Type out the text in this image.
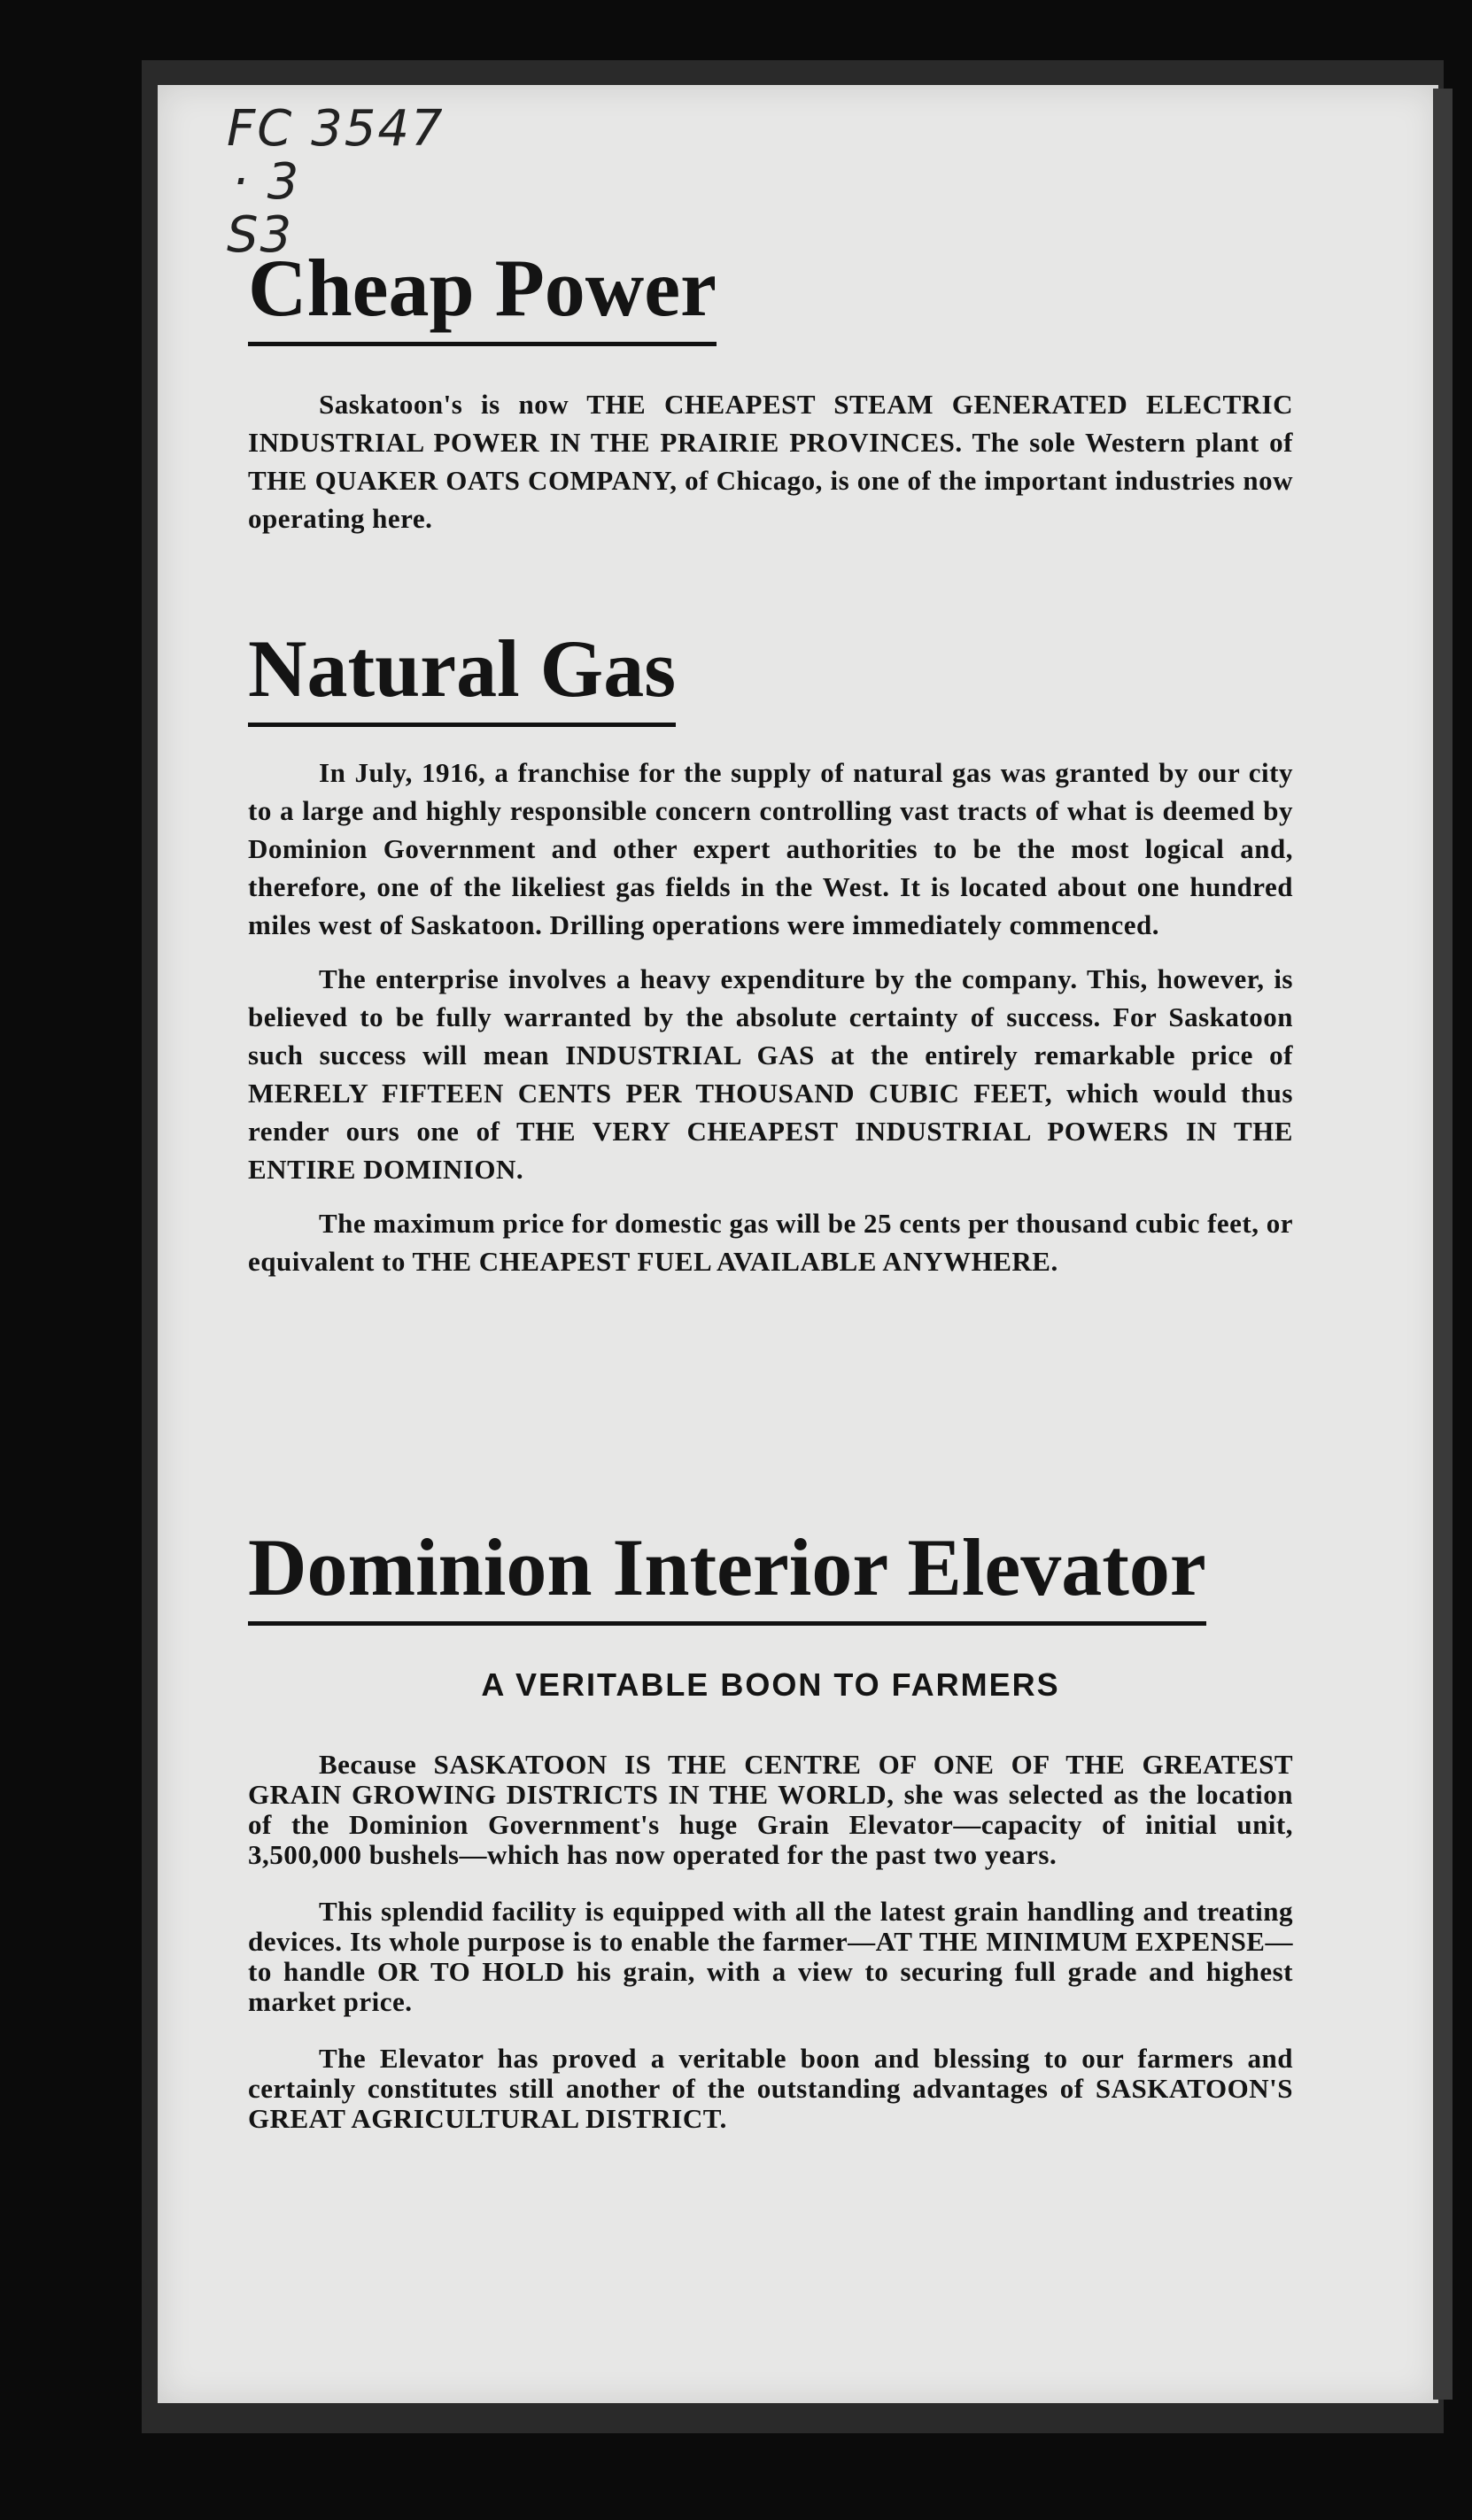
FC 3547
· 3
S3
Cheap Power

Saskatoon's is now THE CHEAPEST STEAM GENERATED ELECTRIC INDUSTRIAL POWER IN THE PRAIRIE PROVINCES. The sole Western plant of THE QUAKER OATS COMPANY, of Chicago, is one of the important industries now operating here.

Natural Gas

In July, 1916, a franchise for the supply of natural gas was granted by our city to a large and highly responsible concern controlling vast tracts of what is deemed by Dominion Government and other expert authorities to be the most logical and, therefore, one of the likeliest gas fields in the West. It is located about one hundred miles west of Saskatoon. Drilling operations were immediately commenced.

The enterprise involves a heavy expenditure by the company. This, however, is believed to be fully warranted by the absolute certainty of success. For Saskatoon such success will mean INDUSTRIAL GAS at the entirely remarkable price of MERELY FIFTEEN CENTS PER THOUSAND CUBIC FEET, which would thus render ours one of THE VERY CHEAPEST INDUSTRIAL POWERS IN THE ENTIRE DOMINION.

The maximum price for domestic gas will be 25 cents per thousand cubic feet, or equivalent to THE CHEAPEST FUEL AVAILABLE ANYWHERE.

Dominion Interior Elevator
A VERITABLE BOON TO FARMERS

Because SASKATOON IS THE CENTRE OF ONE OF THE GREATEST GRAIN GROWING DISTRICTS IN THE WORLD, she was selected as the location of the Dominion Government's huge Grain Elevator—capacity of initial unit, 3,500,000 bushels—which has now operated for the past two years.

This splendid facility is equipped with all the latest grain handling and treating devices. Its whole purpose is to enable the farmer—AT THE MINIMUM EXPENSE—to handle OR TO HOLD his grain, with a view to securing full grade and highest market price.

The Elevator has proved a veritable boon and blessing to our farmers and certainly constitutes still another of the outstanding advantages of SASKATOON'S GREAT AGRICULTURAL DISTRICT.
